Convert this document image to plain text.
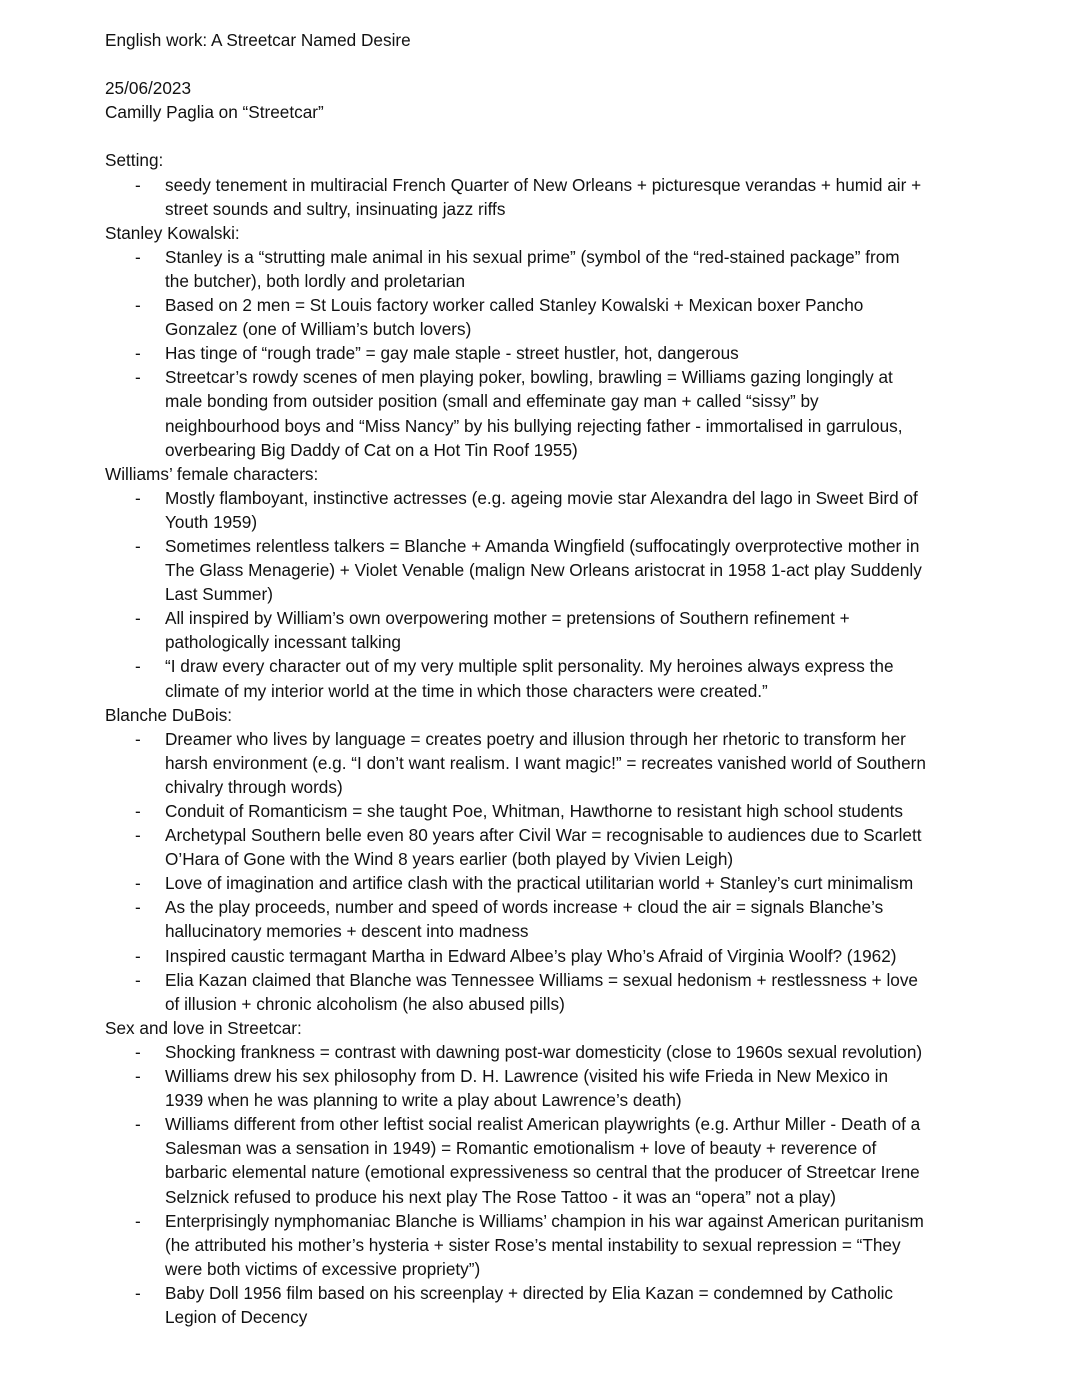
English work: A Streetcar Named Desire

25/06/2023

Camilly Paglia on “Streetcar”

Setting:

- seedy tenement in multiracial French Quarter of New Orleans + picturesque verandas + humid air +
street sounds and sultry, insinuating jazz riffs

Stanley Kowalski:

- Stanley is a “strutting male animal in his sexual prime” (symbol of the “red-stained package” from
the butcher), both lordly and proletarian
- Based on 2 men = St Louis factory worker called Stanley Kowalski + Mexican boxer Pancho
Gonzalez (one of William’s butch lovers)
- Has tinge of “rough trade” = gay male staple - street hustler, hot, dangerous
- Streetcar’s rowdy scenes of men playing poker, bowling, brawling = Williams gazing longingly at
male bonding from outsider position (small and effeminate gay man + called “sissy” by
neighbourhood boys and “Miss Nancy” by his bullying rejecting father - immortalised in garrulous,
overbearing Big Daddy of Cat on a Hot Tin Roof 1955)

Williams’ female characters:

- Mostly flamboyant, instinctive actresses (e.g. ageing movie star Alexandra del lago in Sweet Bird of
Youth 1959)
- Sometimes relentless talkers = Blanche + Amanda Wingfield (suffocatingly overprotective mother in
The Glass Menagerie) + Violet Venable (malign New Orleans aristocrat in 1958 1-act play Suddenly
Last Summer)
- All inspired by William’s own overpowering mother = pretensions of Southern refinement +
pathologically incessant talking
- “I draw every character out of my very multiple split personality. My heroines always express the
climate of my interior world at the time in which those characters were created.”

Blanche DuBois:

- Dreamer who lives by language = creates poetry and illusion through her rhetoric to transform her
harsh environment (e.g. “I don’t want realism. I want magic!” = recreates vanished world of Southern
chivalry through words)
- Conduit of Romanticism = she taught Poe, Whitman, Hawthorne to resistant high school students
- Archetypal Southern belle even 80 years after Civil War = recognisable to audiences due to Scarlett
O’Hara of Gone with the Wind 8 years earlier (both played by Vivien Leigh)
- Love of imagination and artifice clash with the practical utilitarian world + Stanley’s curt minimalism
- As the play proceeds, number and speed of words increase + cloud the air = signals Blanche’s
hallucinatory memories + descent into madness
- Inspired caustic termagant Martha in Edward Albee’s play Who’s Afraid of Virginia Woolf? (1962)
- Elia Kazan claimed that Blanche was Tennessee Williams = sexual hedonism + restlessness + love
of illusion + chronic alcoholism (he also abused pills)

Sex and love in Streetcar:

- Shocking frankness = contrast with dawning post-war domesticity (close to 1960s sexual revolution)
- Williams drew his sex philosophy from D. H. Lawrence (visited his wife Frieda in New Mexico in
1939 when he was planning to write a play about Lawrence’s death)
- Williams different from other leftist social realist American playwrights (e.g. Arthur Miller - Death of a
Salesman was a sensation in 1949) = Romantic emotionalism + love of beauty + reverence of
barbaric elemental nature (emotional expressiveness so central that the producer of Streetcar Irene
Selznick refused to produce his next play The Rose Tattoo - it was an “opera” not a play)
- Enterprisingly nymphomaniac Blanche is Williams’ champion in his war against American puritanism
(he attributed his mother’s hysteria + sister Rose’s mental instability to sexual repression = “They
were both victims of excessive propriety”)
- Baby Doll 1956 film based on his screenplay + directed by Elia Kazan = condemned by Catholic
Legion of Decency
